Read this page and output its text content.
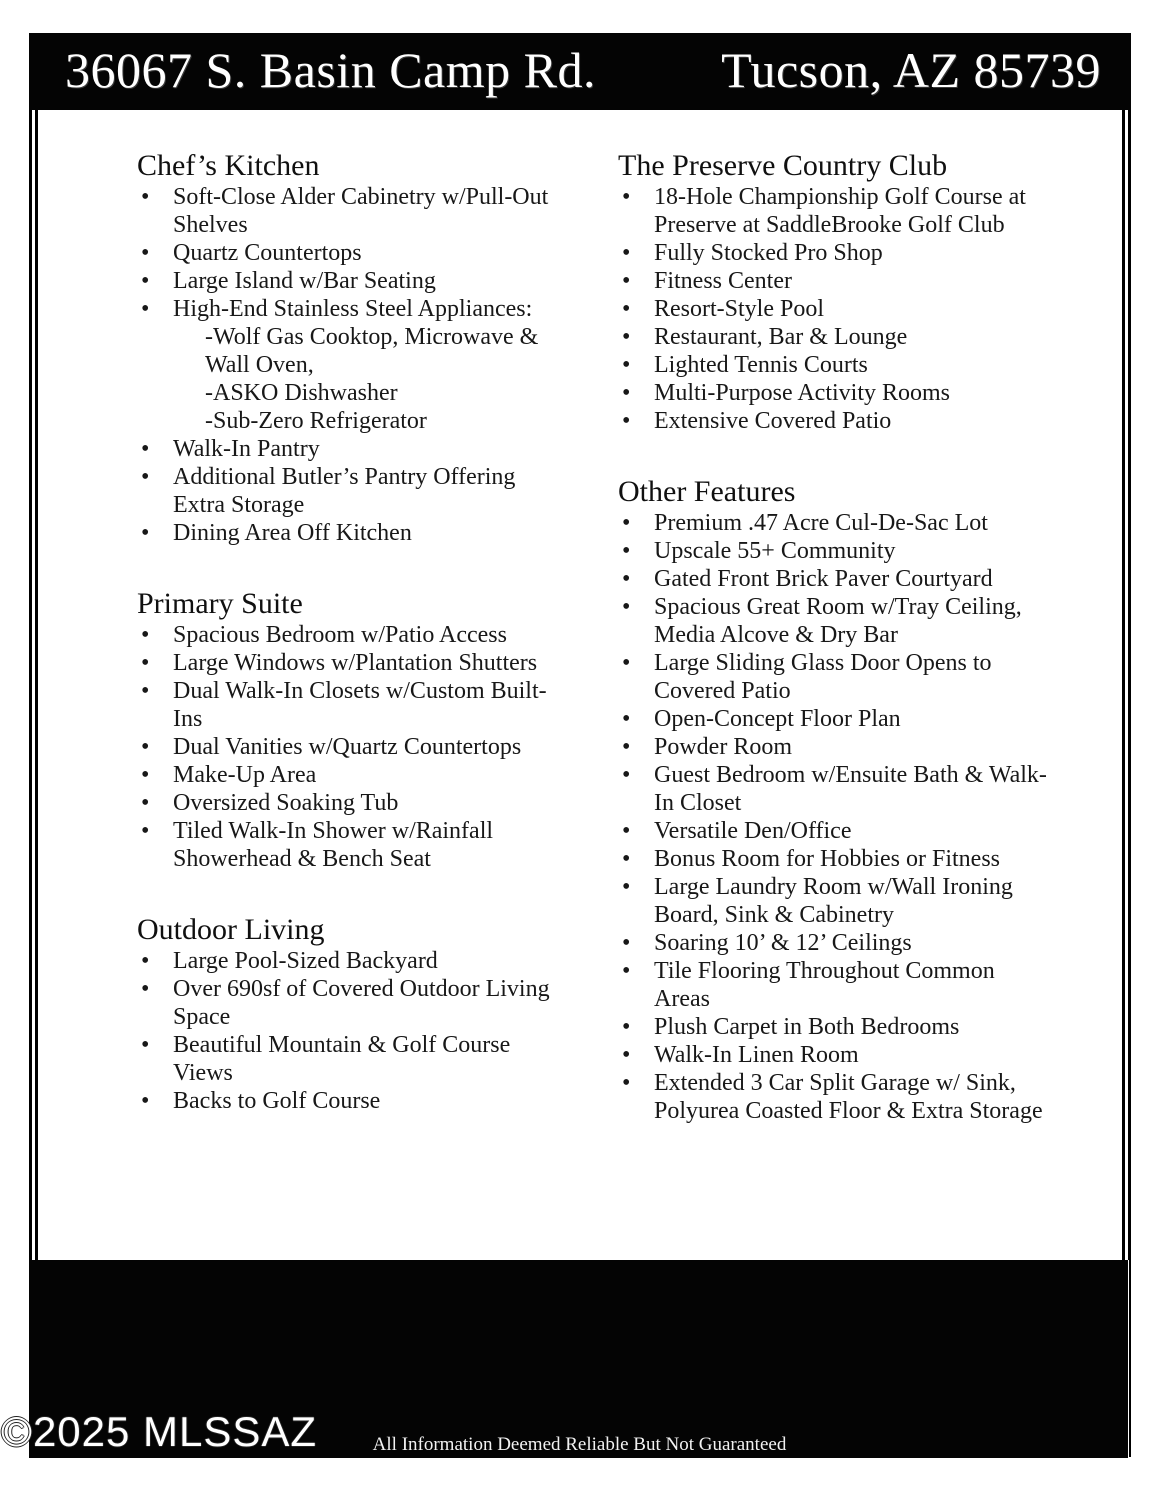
36067 S. Basin Camp Rd.	Tucson, AZ 85739
Chef’s Kitchen
• Soft-Close Alder Cabinetry w/Pull-Out Shelves
• Quartz Countertops
• Large Island w/Bar Seating
• High-End Stainless Steel Appliances:
-Wolf Gas Cooktop, Microwave & Wall Oven,
-ASKO Dishwasher
-Sub-Zero Refrigerator
• Walk-In Pantry
• Additional Butler’s Pantry Offering Extra Storage
• Dining Area Off Kitchen
Primary Suite
• Spacious Bedroom w/Patio Access
• Large Windows w/Plantation Shutters
• Dual Walk-In Closets w/Custom Built-Ins
• Dual Vanities w/Quartz Countertops
• Make-Up Area
• Oversized Soaking Tub
• Tiled Walk-In Shower w/Rainfall Showerhead & Bench Seat
Outdoor Living
• Large Pool-Sized Backyard
• Over 690sf of Covered Outdoor Living Space
• Beautiful Mountain & Golf Course Views
• Backs to Golf Course
The Preserve Country Club
• 18-Hole Championship Golf Course at Preserve at SaddleBrooke Golf Club
• Fully Stocked Pro Shop
• Fitness Center
• Resort-Style Pool
• Restaurant, Bar & Lounge
• Lighted Tennis Courts
• Multi-Purpose Activity Rooms
• Extensive Covered Patio
Other Features
• Premium .47 Acre Cul-De-Sac Lot
• Upscale 55+ Community
• Gated Front Brick Paver Courtyard
• Spacious Great Room w/Tray Ceiling, Media Alcove & Dry Bar
• Large Sliding Glass Door Opens to Covered Patio
• Open-Concept Floor Plan
• Powder Room
• Guest Bedroom w/Ensuite Bath & Walk-In Closet
• Versatile Den/Office
• Bonus Room for Hobbies or Fitness
• Large Laundry Room w/Wall Ironing Board, Sink & Cabinetry
• Soaring 10’ & 12’ Ceilings
• Tile Flooring Throughout Common Areas
• Plush Carpet in Both Bedrooms
• Walk-In Linen Room
• Extended 3 Car Split Garage w/ Sink, Polyurea Coasted Floor & Extra Storage
©2025 MLSSAZ	All Information Deemed Reliable But Not Guaranteed
